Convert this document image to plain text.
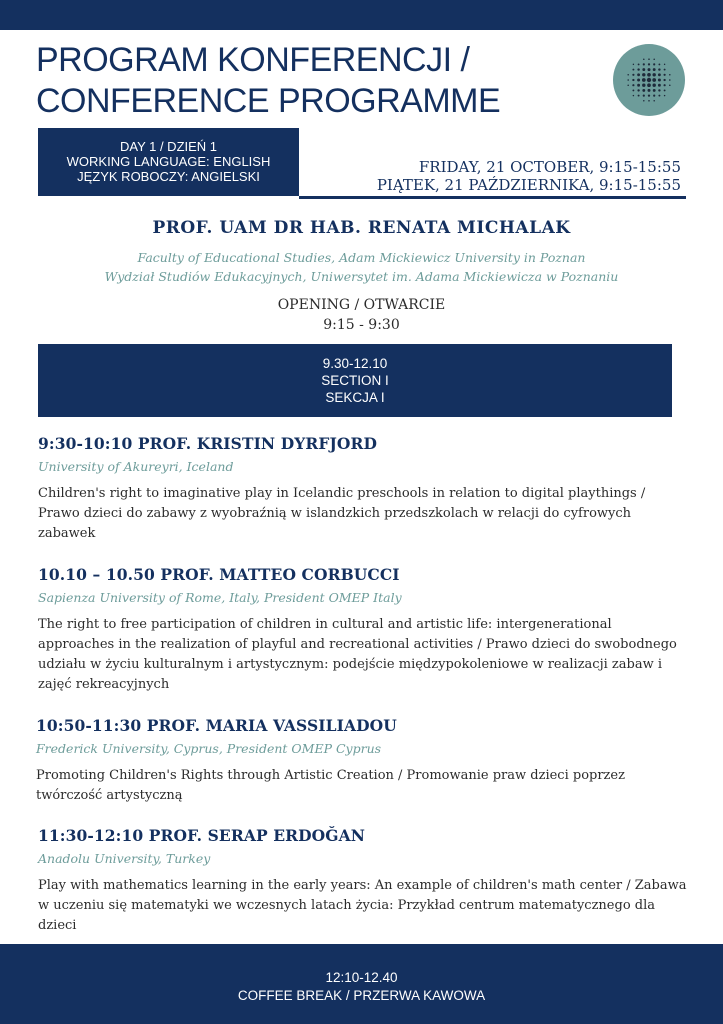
PROGRAM KONFERENCJI /
CONFERENCE PROGRAMME
DAY 1 / DZIEŃ 1
WORKING LANGUAGE: ENGLISH
JĘZYK ROBOCZY: ANGIELSKI
FRIDAY, 21 OCTOBER, 9:15-15:55
PIĄTEK, 21 PAŹDZIERNIKA, 9:15-15:55
PROF. UAM DR HAB. RENATA MICHALAK
Faculty of Educational Studies, Adam Mickiewicz University in Poznan
Wydział Studiów Edukacyjnych, Uniwersytet im. Adama Mickiewicza w Poznaniu
OPENING / OTWARCIE
9:15 - 9:30
9.30-12.10
SECTION I
SEKCJA I
9:30-10:10 PROF. KRISTIN DYRFJORD
University of Akureyri, Iceland
Children's right to imaginative play in Icelandic preschools in relation to digital playthings / Prawo dzieci do zabawy z wyobraźnią w islandzkich przedszkolach w relacji do cyfrowych zabawek
10.10 – 10.50 PROF. MATTEO CORBUCCI
Sapienza University of Rome, Italy, President OMEP Italy
The right to free participation of children in cultural and artistic life: intergenerational approaches in the realization of playful and recreational activities / Prawo dzieci do swobodnego udziału w życiu kulturalnym i artystycznym: podejście międzypokoleniowe w realizacji zabaw i zajęć rekreacyjnych
10:50-11:30 PROF. MARIA VASSILIADOU
Frederick University, Cyprus, President OMEP Cyprus
Promoting Children's Rights through Artistic Creation / Promowanie praw dzieci poprzez twórczość artystyczną
11:30-12:10 PROF. SERAP ERDOĞAN
Anadolu University, Turkey
Play with mathematics learning in the early years: An example of children's math center / Zabawa w uczeniu się matematyki we wczesnych latach życia: Przykład centrum matematycznego dla dzieci
12:10-12.40
COFFEE BREAK / PRZERWA KAWOWA
